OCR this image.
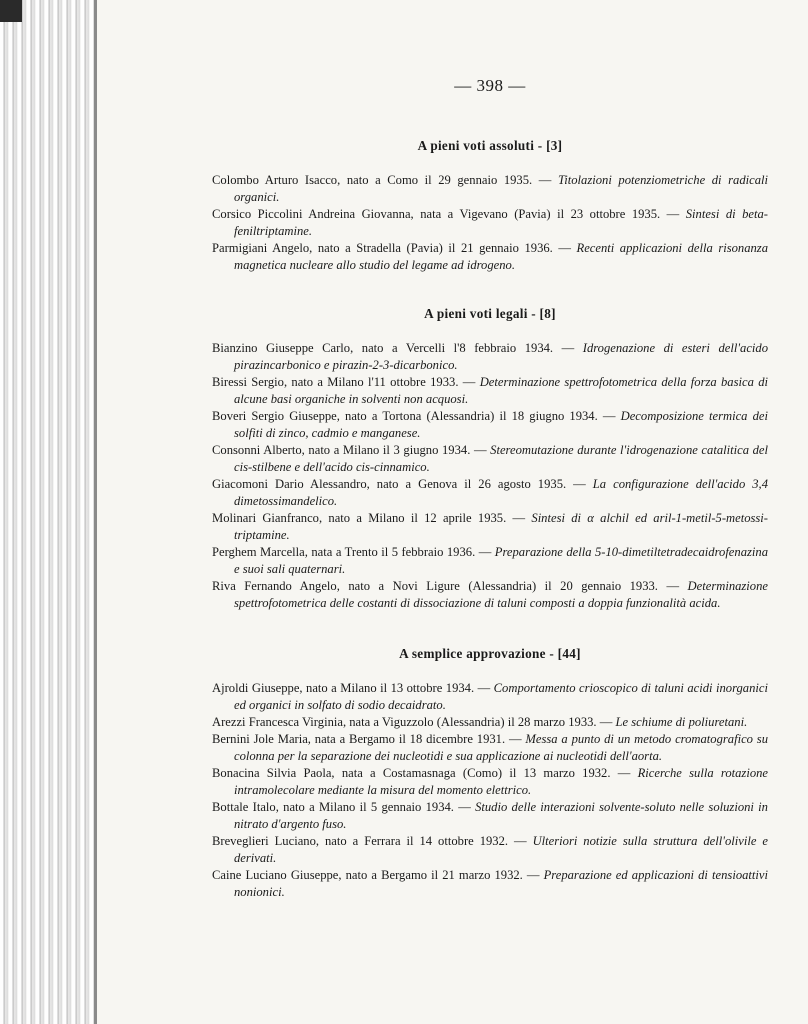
— 398 —
A pieni voti assoluti - [3]
Colombo Arturo Isacco, nato a Como il 29 gennaio 1935. — Titolazioni potenziometriche di radicali organici.
Corsico Piccolini Andreina Giovanna, nata a Vigevano (Pavia) il 23 ottobre 1935. — Sintesi di beta-feniltriptamine.
Parmigiani Angelo, nato a Stradella (Pavia) il 21 gennaio 1936. — Recenti applicazioni della risonanza magnetica nucleare allo studio del legame ad idrogeno.
A pieni voti legali - [8]
Bianzino Giuseppe Carlo, nato a Vercelli l'8 febbraio 1934. — Idrogenazione di esteri dell'acido pirazincarbonico e pirazin-2-3-dicarbonico.
Biressi Sergio, nato a Milano l'11 ottobre 1933. — Determinazione spettrofotometrica della forza basica di alcune basi organiche in solventi non acquosi.
Boveri Sergio Giuseppe, nato a Tortona (Alessandria) il 18 giugno 1934. — Decomposizione termica dei solfiti di zinco, cadmio e manganese.
Consonni Alberto, nato a Milano il 3 giugno 1934. — Stereomutazione durante l'idrogenazione catalitica del cis-stilbene e dell'acido cis-cinnamico.
Giacomoni Dario Alessandro, nato a Genova il 26 agosto 1935. — La configurazione dell'acido 3,4 dimetossimandelico.
Molinari Gianfranco, nato a Milano il 12 aprile 1935. — Sintesi di α alchil ed aril-1-metil-5-metossi-triptamine.
Perghem Marcella, nata a Trento il 5 febbraio 1936. — Preparazione della 5-10-dimetiltetradecaidrofenazina e suoi sali quaternari.
Riva Fernando Angelo, nato a Novi Ligure (Alessandria) il 20 gennaio 1933. — Determinazione spettrofotometrica delle costanti di dissociazione di taluni composti a doppia funzionalità acida.
A semplice approvazione - [44]
Ajroldi Giuseppe, nato a Milano il 13 ottobre 1934. — Comportamento crioscopico di taluni acidi inorganici ed organici in solfato di sodio decaidrato.
Arezzi Francesca Virginia, nata a Viguzzolo (Alessandria) il 28 marzo 1933. — Le schiume di poliuretani.
Bernini Jole Maria, nata a Bergamo il 18 dicembre 1931. — Messa a punto di un metodo cromatografico su colonna per la separazione dei nucleotidi e sua applicazione ai nucleotidi dell'aorta.
Bonacina Silvia Paola, nata a Costamasnaga (Como) il 13 marzo 1932. — Ricerche sulla rotazione intramolecolare mediante la misura del momento elettrico.
Bottale Italo, nato a Milano il 5 gennaio 1934. — Studio delle interazioni solvente-soluto nelle soluzioni in nitrato d'argento fuso.
Breveglieri Luciano, nato a Ferrara il 14 ottobre 1932. — Ulteriori notizie sulla struttura dell'olivile e derivati.
Caine Luciano Giuseppe, nato a Bergamo il 21 marzo 1932. — Preparazione ed applicazioni di tensioattivi nonionici.
